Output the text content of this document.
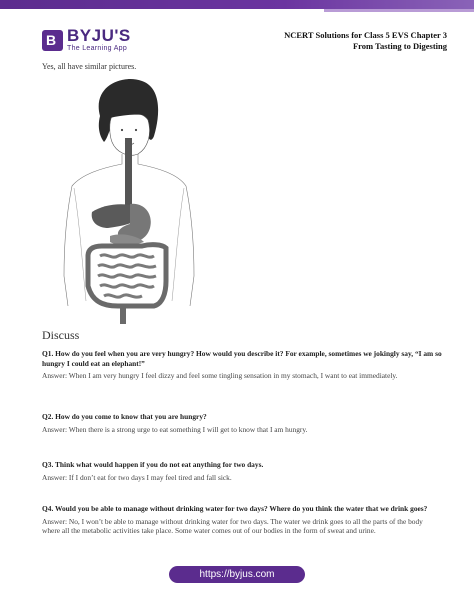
B BYJU'S
The Learning App
NCERT Solutions for Class 5 EVS Chapter 3
From Tasting to Digesting
Yes, all have similar pictures.
Discuss
Q1. How do you feel when you are very hungry? How would you describe it? For example, sometimes we jokingly say, “I am so hungry I could eat an elephant!”
Answer: When I am very hungry I feel dizzy and feel some tingling sensation in my stomach, I want to eat immediately.
Q2. How do you come to know that you are hungry?
Answer: When there is a strong urge to eat something I will get to know that I am hungry.
Q3. Think what would happen if you do not eat anything for two days.
Answer: If I don’t eat for two days I may feel tired and fall sick.
Q4. Would you be able to manage without drinking water for two days? Where do you think the water that we drink goes?
Answer: No, I won’t be able to manage without drinking water for two days. The water we drink goes to all the parts of the body where all the metabolic activities take place. Some water comes out of our bodies in the form of sweat and urine.
https://byjus.com
